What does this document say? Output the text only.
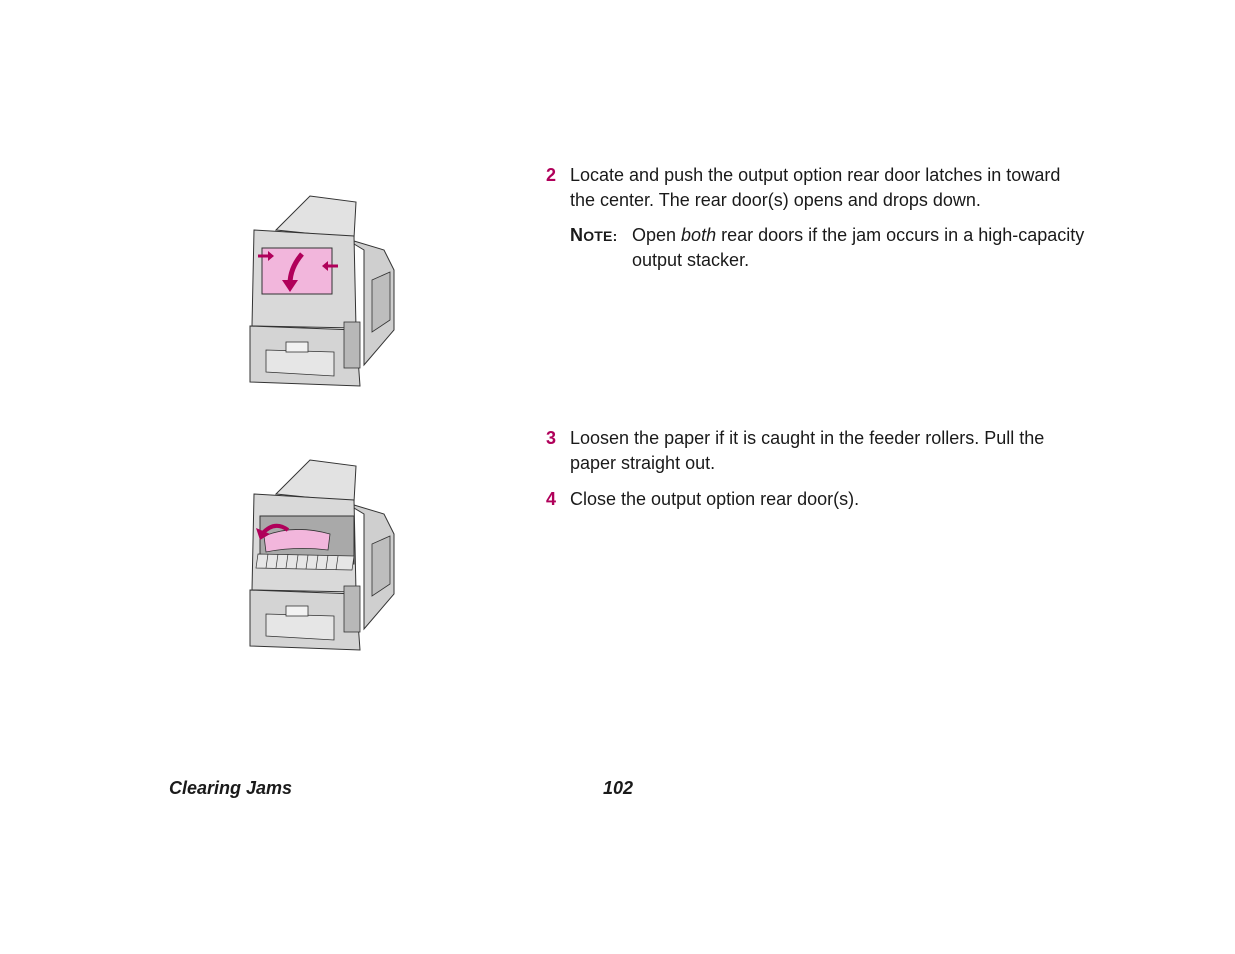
2 Locate and push the output option rear door latches in toward the center. The rear door(s) opens and drops down.
NOTE: Open both rear doors if the jam occurs in a high-capacity output stacker.
3 Loosen the paper if it is caught in the feeder rollers. Pull the paper straight out.
4 Close the output option rear door(s).
Clearing Jams	102
